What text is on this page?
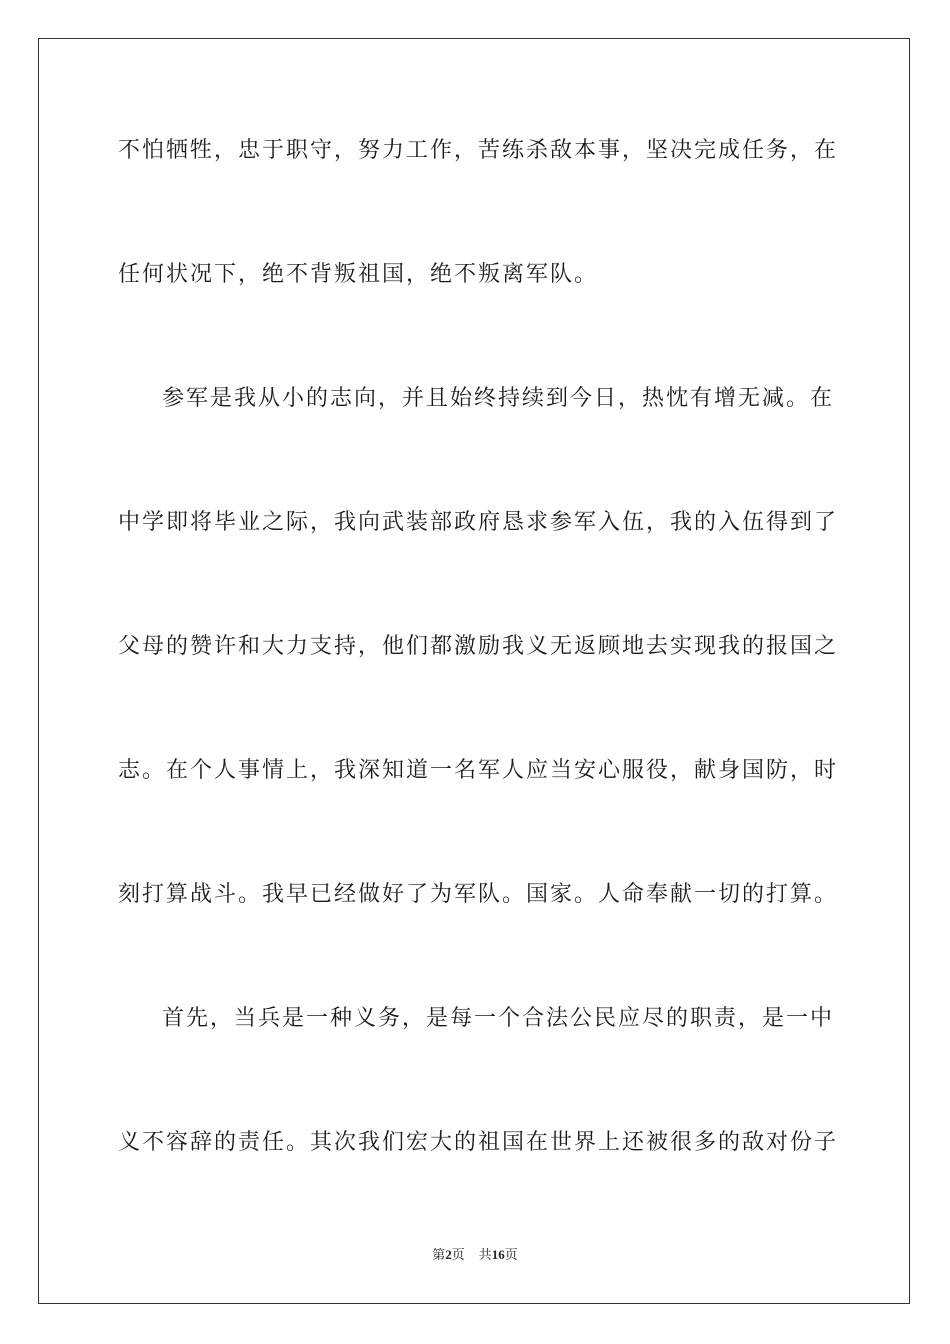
不怕牺牲，忠于职守，努力工作，苦练杀敌本事，坚决完成任务，在
任何状况下，绝不背叛祖国，绝不叛离军队。
参军是我从小的志向，并且始终持续到今日，热忱有增无减。在
中学即将毕业之际，我向武装部政府恳求参军入伍，我的入伍得到了
父母的赞许和大力支持，他们都激励我义无返顾地去实现我的报国之
志。在个人事情上，我深知道一名军人应当安心服役，献身国防，时
刻打算战斗。我早已经做好了为军队。国家。人命奉献一切的打算。
首先，当兵是一种义务，是每一个合法公民应尽的职责，是一中
义不容辞的责任。其次我们宏大的祖国在世界上还被很多的敌对份子
第2页 共16页
